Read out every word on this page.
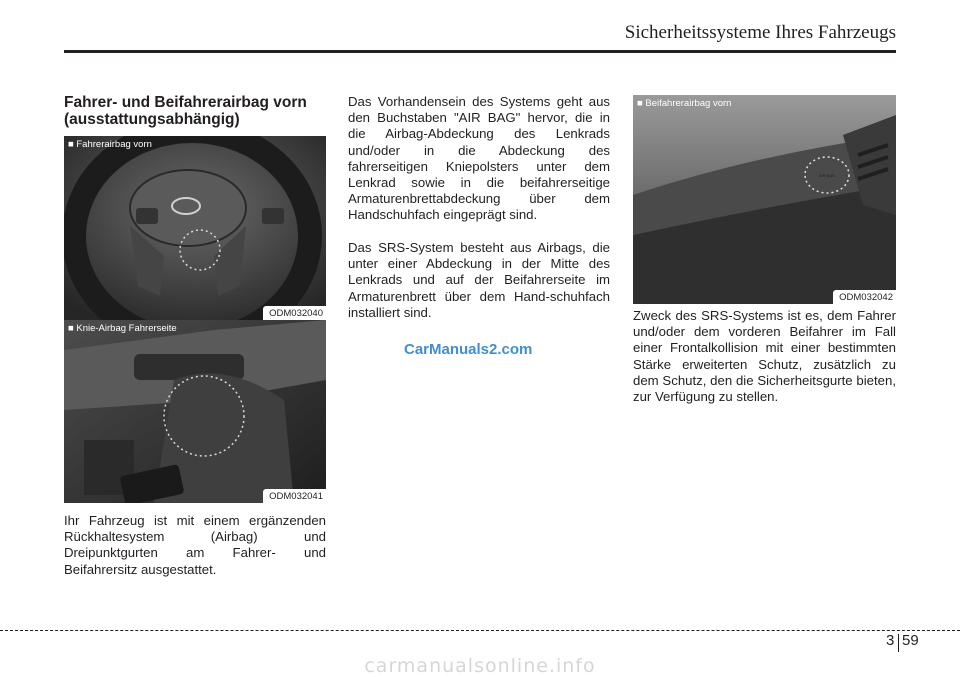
Sicherheitssysteme Ihres Fahrzeugs
Fahrer- und Beifahrerairbag vorn (ausstattungsabhängig)
■ Fahrerairbag vorn
ODM032040
■ Knie-Airbag Fahrerseite
ODM032041
AIR BAG
■ Beifahrerairbag vorn
ODM032042

Ihr Fahrzeug ist mit einem ergänzenden Rückhaltesystem (Airbag) und Dreipunktgurten am Fahrer- und Beifahrersitz ausgestattet.

Das Vorhandensein des Systems geht aus den Buchstaben "AIR BAG" hervor, die in die Airbag-Abdeckung des Lenkrads und/oder in die Abdeckung des fahrerseitigen Kniepolsters unter dem Lenkrad sowie in die beifahrerseitige Armaturenbrettabdeckung über dem Handschuhfach eingeprägt sind.

Das SRS-System besteht aus Airbags, die unter einer Abdeckung in der Mitte des Lenkrads und auf der Beifahrerseite im Armaturenbrett über dem Hand-schuhfach installiert sind.

CarManuals2.com

Zweck des SRS-Systems ist es, dem Fahrer und/oder dem vorderen Beifahrer im Fall einer Frontalkollision mit einer bestimmten Stärke erweiterten Schutz, zusätzlich zu dem Schutz, den die Sicherheitsgurte bieten, zur Verfügung zu stellen.

3 59
carmanualsonline.info
